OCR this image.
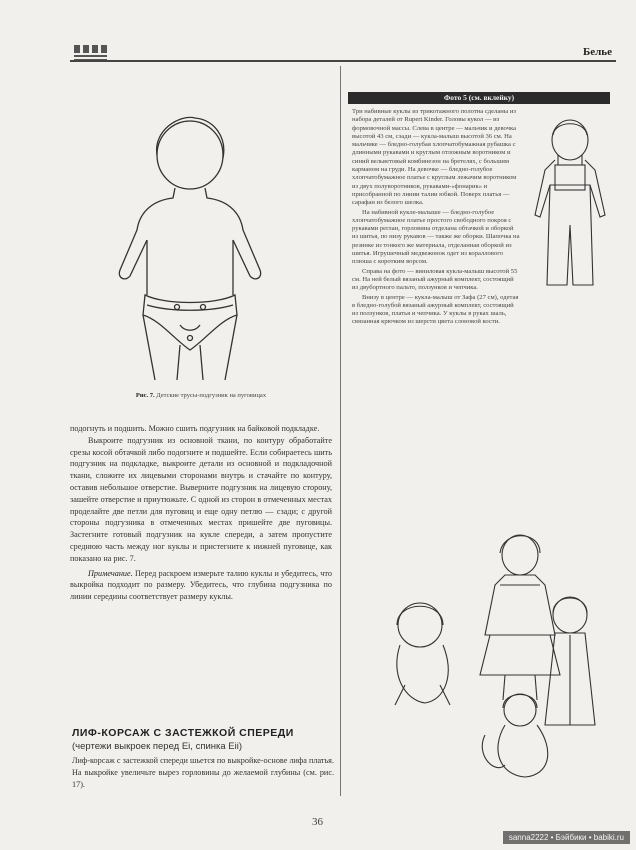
Белье
Рис. 7. Детские трусы-подгузник на пуговицах

подогнуть и подшить. Можно сшить подгузник на байковой подкладке.

Выкроите подгузник из основной ткани, по контуру обработайте срезы косой обтачкой либо подогните и подшейте. Если собираетесь шить подгузник на подкладке, выкроите детали из основной и подкладочной ткани, сложите их лицевыми сторонами внутрь и стачайте по контуру, оставив небольшое отверстие. Выверните подгузник на лицевую сторону, зашейте отверстие и приутюжьте. С одной из сторон в отмеченных местах проделайте две петли для пуговиц и еще одну петлю — сзади; с другой стороны подгузника в отмеченных местах пришейте две пуговицы. Застегните готовый подгузник на кукле спереди, а затем пропустите среднюю часть между ног куклы и пристегните к нижней пуговице, как показано на рис. 7.

Примечание. Перед раскроем измерьте талию куклы и убедитесь, что выкройка подходит по размеру. Убедитесь, что глубина подгузника по линии середины соответствует размеру куклы.

ЛИФ-КОРСАЖ С ЗАСТЕЖКОЙ СПЕРЕДИ
(чертежи выкроек перед Ei, спинка Eii)

Лиф-корсаж с застежкой спереди шьется по выкройке-основе лифа платья. На выкройке увеличьте вырез горловины до желаемой глубины (см. рис. 17).

Фото 5 (см. вклейку)

Три набивные куклы из трикотажного полотна сделаны из набора деталей от Rupert Kinder. Головы кукол — из формовочной массы. Слева в центре — мальчик и девочка высотой 43 см, сзади — кукла-малыш высотой 36 см. На мальчике — бледно-голубая хлопчатобумажная рубашка с длинными рукавами и круглым отложным воротником и синий вельветовый комбинезон на бретелях, с большим карманом на груди. На девочке — бледно-голубое хлопчатобумажное платье с круглым лежачим воротником из двух полуворотников, рукавами-«фонарик» и присобранной по линии талии юбкой. Поверх платья — сарафан из белого шелка.

На набивной кукле-малыше — бледно-голубое хлопчатобумажное платье простого свободного покроя с рукавами реглан, горловина отделана обтачкой и оборкой из шитья, по низу рукавов — также же оборки. Шапочка на резинке из тонкого же материала, отделанная оборкой из шитья. Игрушечный медвежонок одет из кораллового плюша с коротким ворсом.

Справа на фото — виниловая кукла-малыш высотой 55 см. На ней белый вязаный ажурный комплект, состоящий из двубортного пальто, ползунков и чепчика.

Внизу в центре — кукла-малыш от Зафа (27 см), одетая в бледно-голубой вязаный ажурный комплект, состоящий из ползунков, платья и чепчика. У куклы в руках шаль, связанная крючком из шерсти цвета слоновой кости.

36
sanna2222 • Бэйбики • babiki.ru
